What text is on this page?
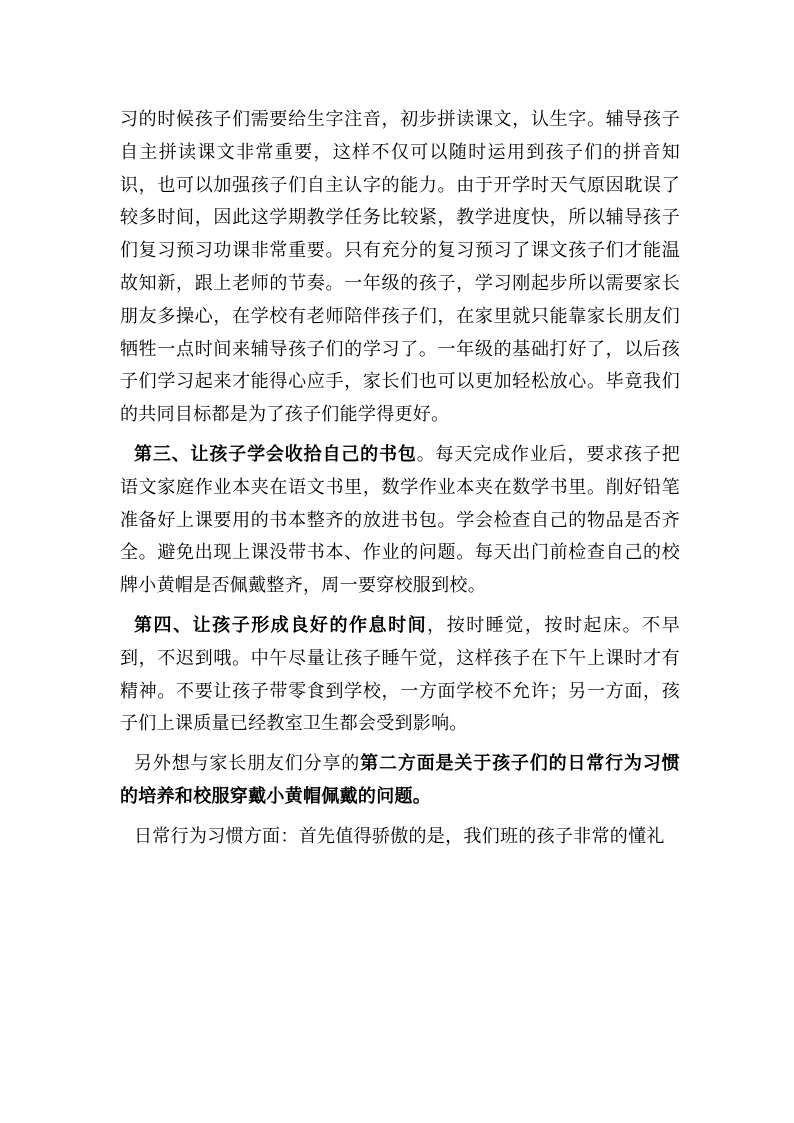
习的时候孩子们需要给生字注音，初步拼读课文，认生字。辅导孩子自主拼读课文非常重要，这样不仅可以随时运用到孩子们的拼音知识，也可以加强孩子们自主认字的能力。由于开学时天气原因耽误了较多时间，因此这学期教学任务比较紧，教学进度快，所以辅导孩子们复习预习功课非常重要。只有充分的复习预习了课文孩子们才能温故知新，跟上老师的节奏。一年级的孩子，学习刚起步所以需要家长朋友多操心，在学校有老师陪伴孩子们，在家里就只能靠家长朋友们牺牲一点时间来辅导孩子们的学习了。一年级的基础打好了，以后孩子们学习起来才能得心应手，家长们也可以更加轻松放心。毕竟我们的共同目标都是为了孩子们能学得更好。

第三、让孩子学会收拾自己的书包。每天完成作业后，要求孩子把语文家庭作业本夹在语文书里，数学作业本夹在数学书里。削好铅笔准备好上课要用的书本整齐的放进书包。学会检查自己的物品是否齐全。避免出现上课没带书本、作业的问题。每天出门前检查自己的校牌小黄帽是否佩戴整齐，周一要穿校服到校。

第四、让孩子形成良好的作息时间，按时睡觉，按时起床。不早到，不迟到哦。中午尽量让孩子睡午觉，这样孩子在下午上课时才有精神。不要让孩子带零食到学校，一方面学校不允许；另一方面，孩子们上课质量已经教室卫生都会受到影响。

另外想与家长朋友们分享的第二方面是关于孩子们的日常行为习惯的培养和校服穿戴小黄帽佩戴的问题。

日常行为习惯方面：首先值得骄傲的是，我们班的孩子非常的懂礼
